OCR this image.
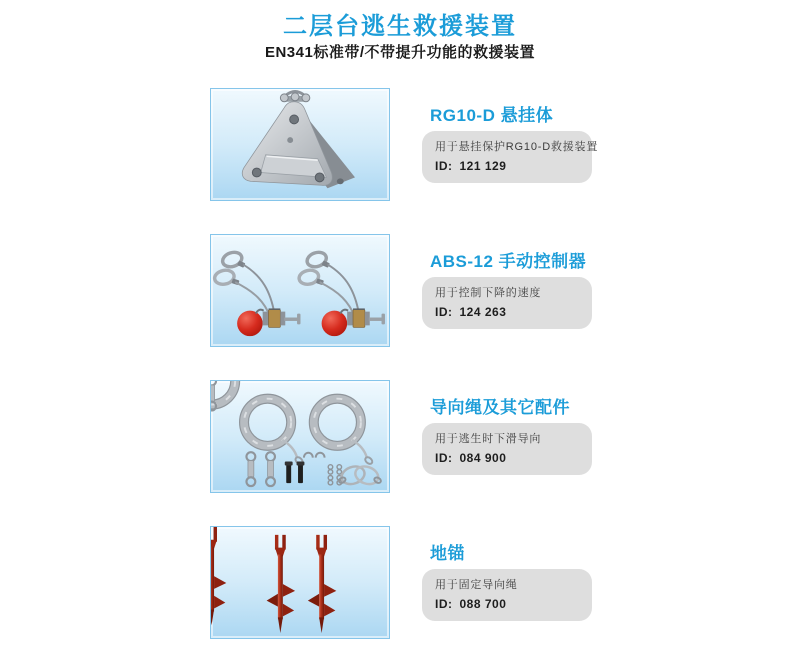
二层台逃生救援装置
EN341标准带/不带提升功能的救援装置
RG10-D 悬挂体
用于悬挂保护RG10-D救援装置
ID: 121 129
ABS-12 手动控制器
用于控制下降的速度
ID: 124 263
导向绳及其它配件
用于逃生时下滑导向
ID: 084 900
地锚
用于固定导向绳
ID: 088 700
